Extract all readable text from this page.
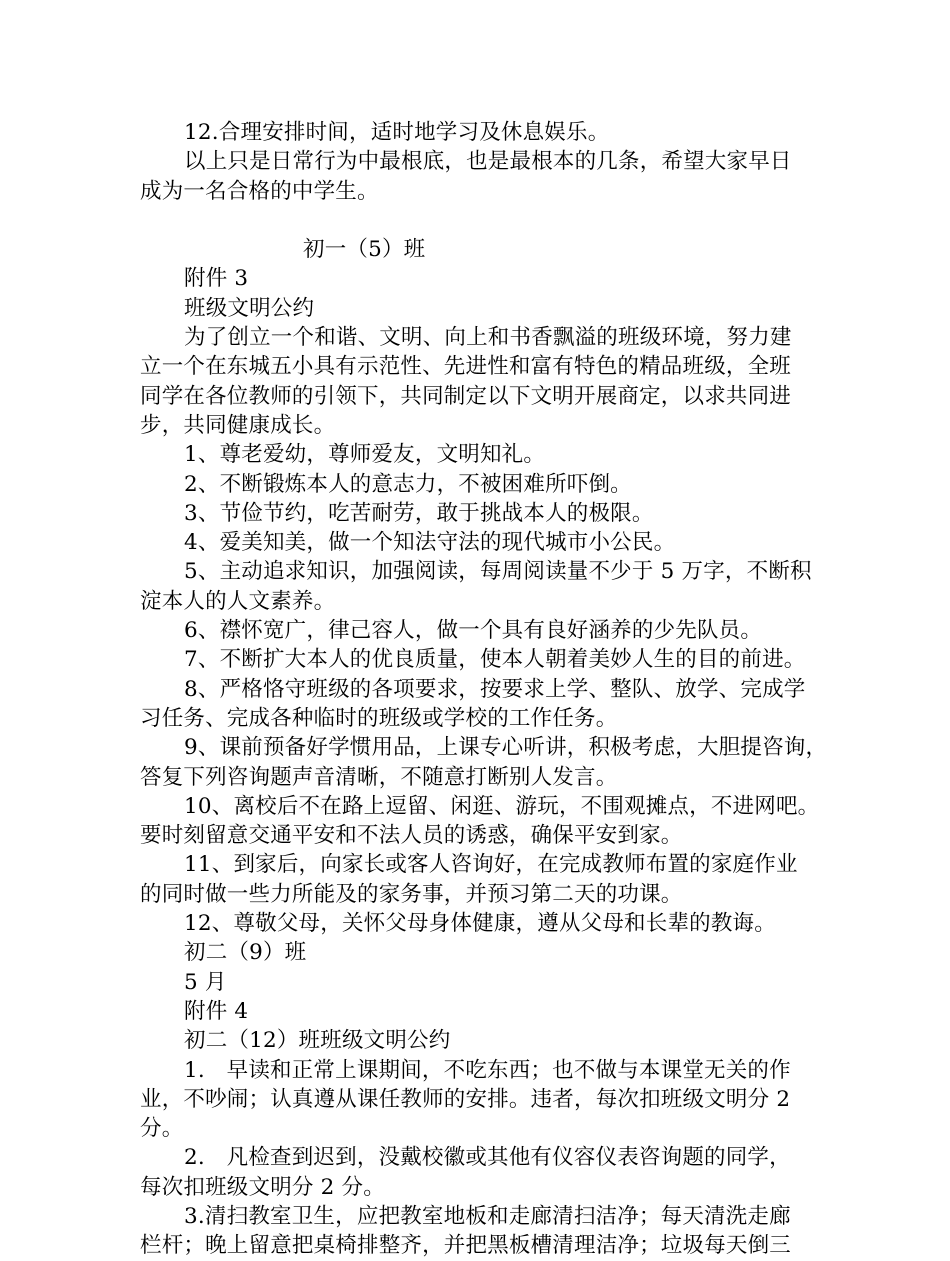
12.合理安排时间，适时地学习及休息娱乐。
以上只是日常行为中最根底，也是最根本的几条，希望大家早日
成为一名合格的中学生。
初一（5）班
附件 3
班级文明公约
为了创立一个和谐、文明、向上和书香飘溢的班级环境，努力建
立一个在东城五小具有示范性、先进性和富有特色的精品班级，全班
同学在各位教师的引领下，共同制定以下文明开展商定，以求共同进
步，共同健康成长。
1、尊老爱幼，尊师爱友，文明知礼。
2、不断锻炼本人的意志力，不被困难所吓倒。
3、节俭节约，吃苦耐劳，敢于挑战本人的极限。
4、爱美知美，做一个知法守法的现代城市小公民。
5、主动追求知识，加强阅读，每周阅读量不少于 5 万字，不断积
淀本人的人文素养。
6、襟怀宽广，律己容人，做一个具有良好涵养的少先队员。
7、不断扩大本人的优良质量，使本人朝着美妙人生的目的前进。
8、严格恪守班级的各项要求，按要求上学、整队、放学、完成学
习任务、完成各种临时的班级或学校的工作任务。
9、课前预备好学惯用品，上课专心听讲，积极考虑，大胆提咨询，
答复下列咨询题声音清晰，不随意打断别人发言。
10、离校后不在路上逗留、闲逛、游玩，不围观摊点，不进网吧。
要时刻留意交通平安和不法人员的诱惑，确保平安到家。
11、到家后，向家长或客人咨询好，在完成教师布置的家庭作业
的同时做一些力所能及的家务事，并预习第二天的功课。
12、尊敬父母，关怀父母身体健康，遵从父母和长辈的教诲。
初二（9）班
5 月
附件 4
初二（12）班班级文明公约
1.　早读和正常上课期间，不吃东西；也不做与本课堂无关的作
业，不吵闹；认真遵从课任教师的安排。违者，每次扣班级文明分 2
分。
2.　凡检查到迟到，没戴校徽或其他有仪容仪表咨询题的同学，
每次扣班级文明分 2 分。
3.清扫教室卫生，应把教室地板和走廊清扫洁净；每天清洗走廊
栏杆；晚上留意把桌椅排整齐，并把黑板槽清理洁净；垃圾每天倒三
